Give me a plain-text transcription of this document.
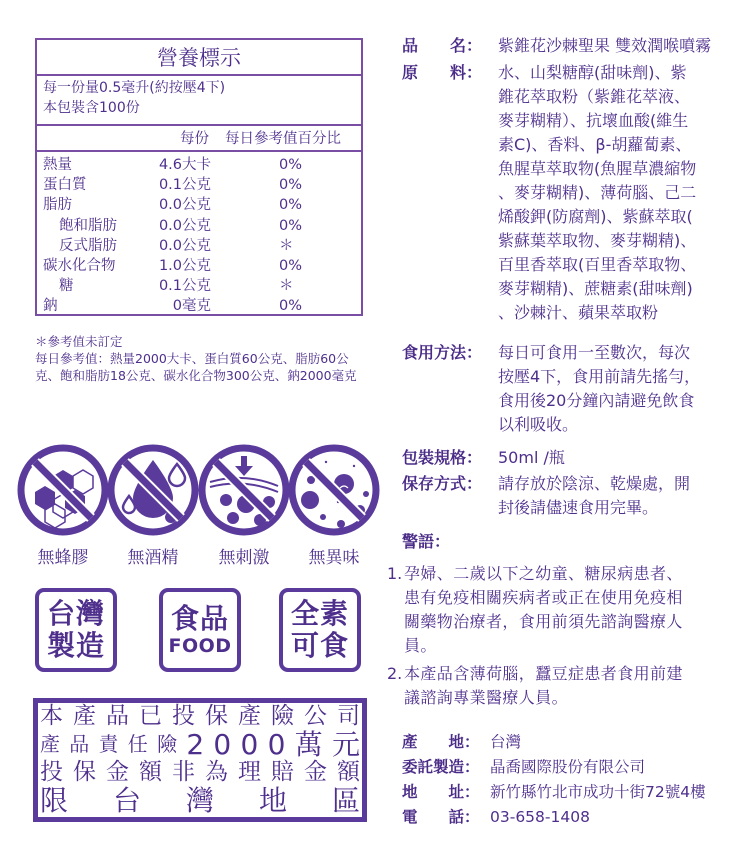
營養標示
每一份量0.5毫升(約按壓4下)
本包裝含100份
每份 每日參考值百分比
熱量	4.6大卡	0%
蛋白質	0.1公克	0%
脂肪	0.0公克	0%
飽和脂肪	0.0公克	0%
反式脂肪	0.0公克	＊
碳水化合物	1.0公克	0%
糖	0.1公克	＊
鈉	0毫克	0%
＊參考值未訂定
每日參考值：熱量2000大卡、蛋白質60公克、脂肪60公克、飽和脂肪18公克、碳水化合物300公克、鈉2000毫克
無蜂膠	無酒精	無刺激	無異味
台灣
製造
食品
FOOD
全素
可食
本 產 品 已 投 保 產 險 公 司
產 品 責 任 險 2 0 0 0 萬 元
投 保 金 額 非 為 理 賠 金 額
限 台 灣 地 區
品　　名： 紫錐花沙棘聖果 雙效潤喉噴霧
原　　料： 水、山梨糖醇(甜味劑)、紫
錐花萃取粉（紫錐花萃液、
麥芽糊精）、抗壞血酸(維生
素C)、香料、β-胡蘿蔔素、
魚腥草萃取物(魚腥草濃縮物
、麥芽糊精)、薄荷腦、己二
烯酸鉀(防腐劑)、紫蘇萃取(
紫蘇葉萃取物、麥芽糊精)、
百里香萃取(百里香萃取物、
麥芽糊精)、蔗糖素(甜味劑)
、沙棘汁、蘋果萃取粉
食用方法： 每日可食用一至數次，每次
按壓4下，食用前請先搖勻，
食用後20分鐘內請避免飲食
以利吸收。
包裝規格： 50ml /瓶
保存方式： 請存放於陰涼、乾燥處，開
封後請儘速食用完畢。
警語：
1. 孕婦、二歲以下之幼童、糖尿病患者、
患有免疫相關疾病者或正在使用免疫相
關藥物治療者，食用前須先諮詢醫療人
員。
2. 本產品含薄荷腦，蠶豆症患者食用前建
議諮詢專業醫療人員。
產　　地： 台灣
委託製造： 晶喬國際股份有限公司
地　　址： 新竹縣竹北市成功十街72號4樓
電　　話： 03-658-1408
